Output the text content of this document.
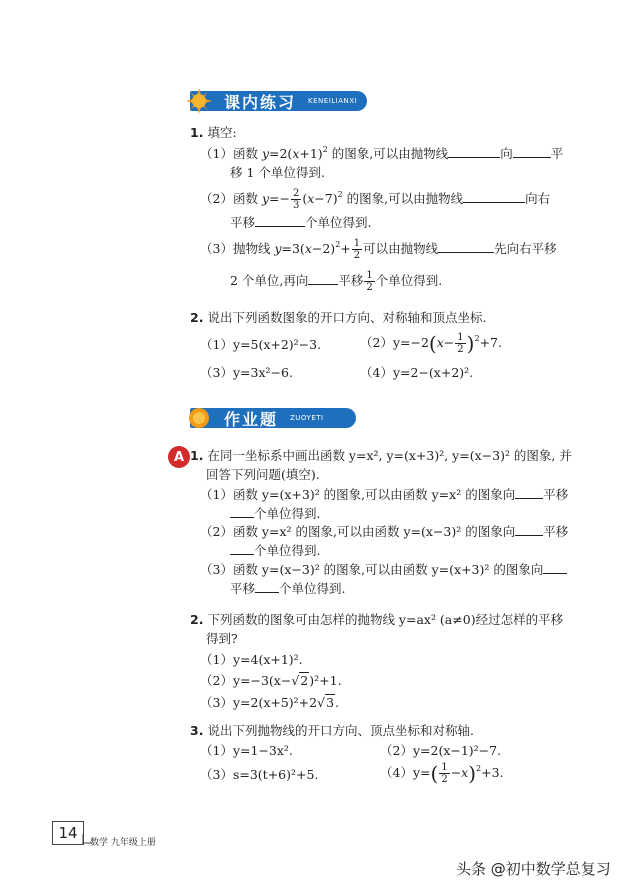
课内练习 KENEILIANXI
1. 填空:
（1）函数 $y=2(x+1)^2$ 的图象,可以由抛物线	向	平
移 1 个单位得到.
（2）函数 $y=- \frac{2}{3} (x-7)^2$ 的图象,可以由抛物线	向右
平移	个单位得到.
（3）抛物线 $y=3(x-2)^2+ \frac{1}{2}$ 可以由抛物线	先向右平移
2 个单位,再向 平移 $\frac{1}{2}$ 个单位得到.
2. 说出下列函数图象的开口方向、对称轴和顶点坐标.
（1）y=5(x+2)²−3.	$(2)y=-2(x- \frac{1}{2} )^2+7$.
（3）y=3x²−6.	（4）y=2−(x+2)².
作业题 ZUOYETI
A 1. 在同一坐标系中画出函数 y=x², y=(x+3)², y=(x−3)² 的图象, 并
回答下列问题(填空).
（1）函数 y=(x+3)² 的图象,可以由函数 y=x² 的图象向 平移
个单位得到.
（2）函数 y=x² 的图象,可以由函数 y=(x−3)² 的图象向 平移
个单位得到.
（3）函数 y=(x−3)² 的图象,可以由函数 y=(x+3)² 的图象向
平移 个单位得到.
2. 下列函数的图象可由怎样的抛物线 y=ax² (a≠0)经过怎样的平移
得到?
（1）y=4(x+1)².
（2）y=−3(x−√2)²+1.
（3）y=2(x+5)²+2√3.
3. 说出下列抛物线的开口方向、顶点坐标和对称轴.
（1）y=1−3x².	（2）y=2(x−1)²−7.
（3）s=3(t+6)²+5.	$(4)y=( \frac{1}{2} -x)^2+3$.
14
数学 九年级上册
头条 @初中数学总复习
